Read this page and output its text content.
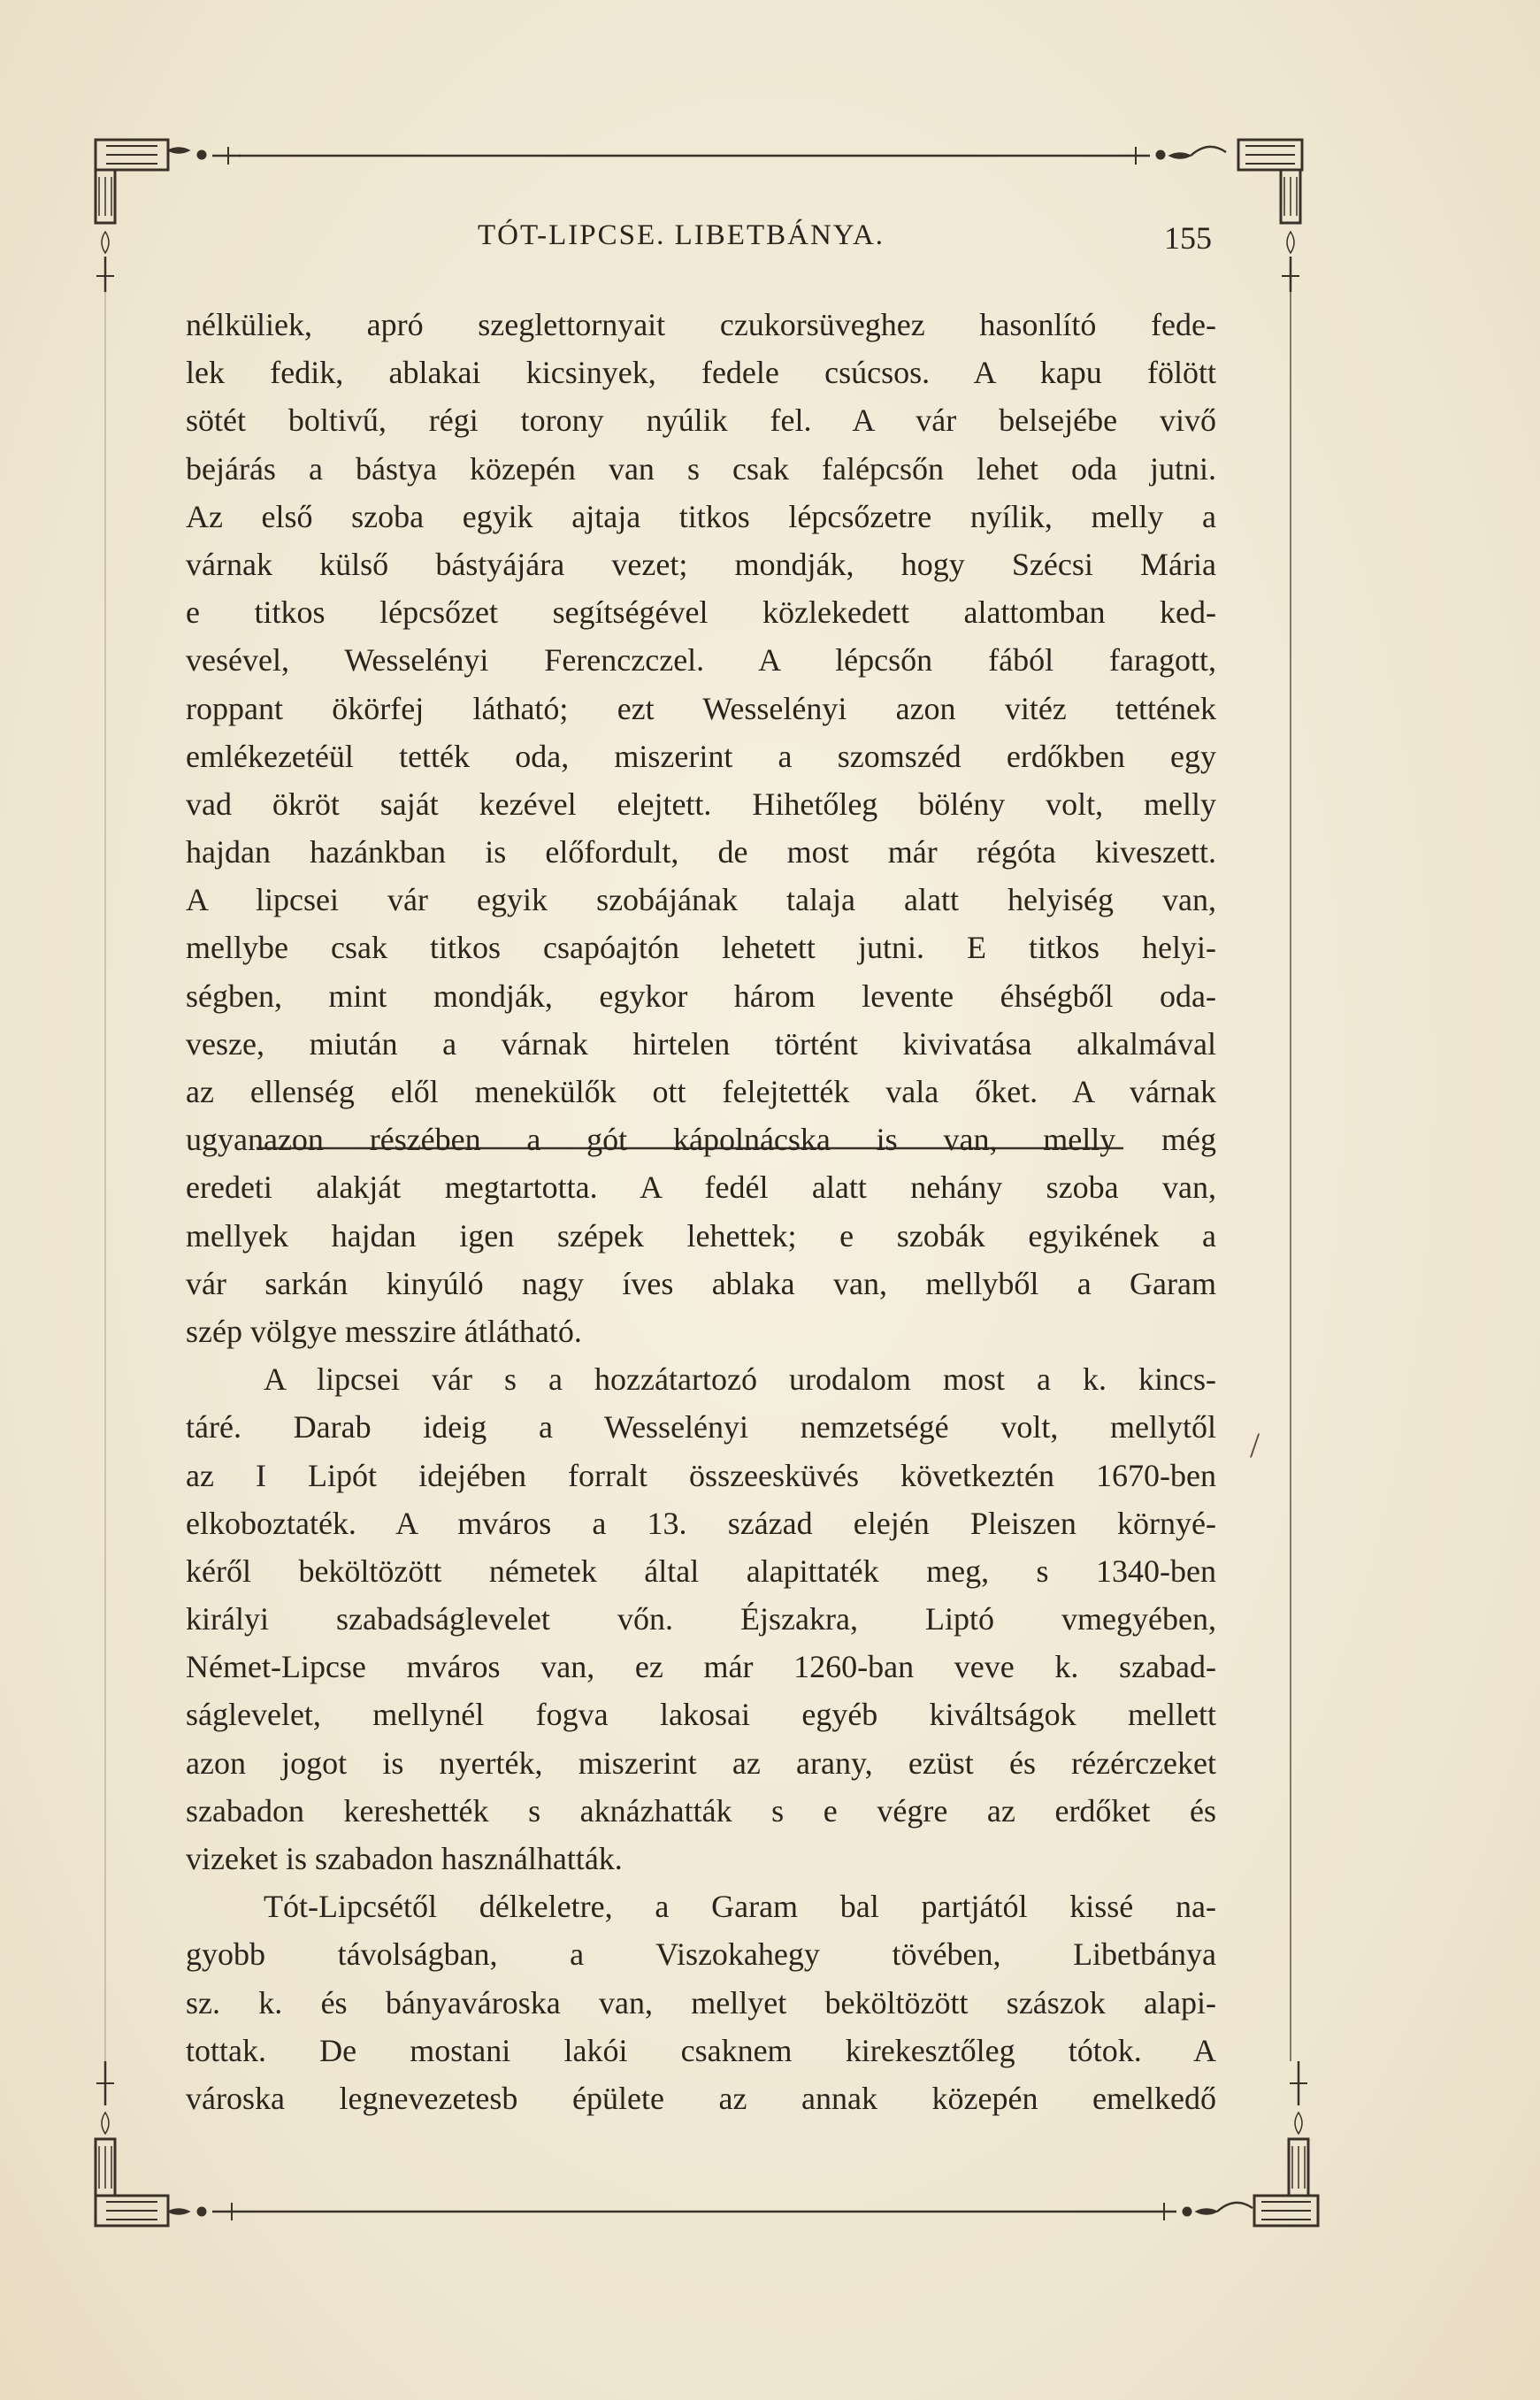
TÓT-LIPCSE. LIBETBÁNYA.	155
nélküliek, apró szeglettornyait czukorsüveghez hasonlító fede-
lek fedik, ablakai kicsinyek, fedele csúcsos. A kapu fölött
sötét boltivű, régi torony nyúlik fel. A vár belsejébe vivő
bejárás a bástya közepén van s csak falépcsőn lehet oda jutni.
Az első szoba egyik ajtaja titkos lépcsőzetre nyílik, melly a
várnak külső bástyájára vezet; mondják, hogy Szécsi Mária
e titkos lépcsőzet segítségével közlekedett alattomban ked-
vesével, Wesselényi Ferenczczel. A lépcsőn fából faragott,
roppant ökörfej látható; ezt Wesselényi azon vitéz tettének
emlékezetéül tették oda, miszerint a szomszéd erdőkben egy
vad ökröt saját kezével elejtett. Hihetőleg bölény volt, melly
hajdan hazánkban is előfordult, de most már régóta kiveszett.
A lipcsei vár egyik szobájának talaja alatt helyiség van,
mellybe csak titkos csapóajtón lehetett jutni. E titkos helyi-
ségben, mint mondják, egykor három levente éhségből oda-
vesze, miután a várnak hirtelen történt kivivatása alkalmával
az ellenség elől menekülők ott felejtették vala őket. A várnak
ugyanazon részében a gót kápolnácska is van, melly még
eredeti alakját megtartotta. A fedél alatt nehány szoba van,
mellyek hajdan igen szépek lehettek; e szobák egyikének a
vár sarkán kinyúló nagy íves ablaka van, mellyből a Garam
szép völgye messzire átlátható.
A lipcsei vár s a hozzátartozó urodalom most a k. kincs-
táré. Darab ideig a Wesselényi nemzetségé volt, mellytől
az I Lipót idejében forralt összeesküvés következtén 1670-ben
elkoboztaték. A mváros a 13. század elején Pleiszen környé-
kéről beköltözött németek által alapittaték meg, s 1340-ben
királyi szabadságlevelet vőn. Éjszakra, Liptó vmegyében,
Német-Lipcse mváros van, ez már 1260-ban veve k. szabad-
ságlevelet, mellynél fogva lakosai egyéb kiváltságok mellett
azon jogot is nyerték, miszerint az arany, ezüst és rézérczeket
szabadon kereshették s aknázhatták s e végre az erdőket és
vizeket is szabadon használhatták.
Tót-Lipcsétől délkeletre, a Garam bal partjától kissé na-
gyobb távolságban, a Viszokahegy tövében, Libetbánya
sz. k. és bányavároska van, mellyet beköltözött szászok alapi-
tottak. De mostani lakói csaknem kirekesztőleg tótok. A
városka legnevezetesb épülete az annak közepén emelkedő
/
